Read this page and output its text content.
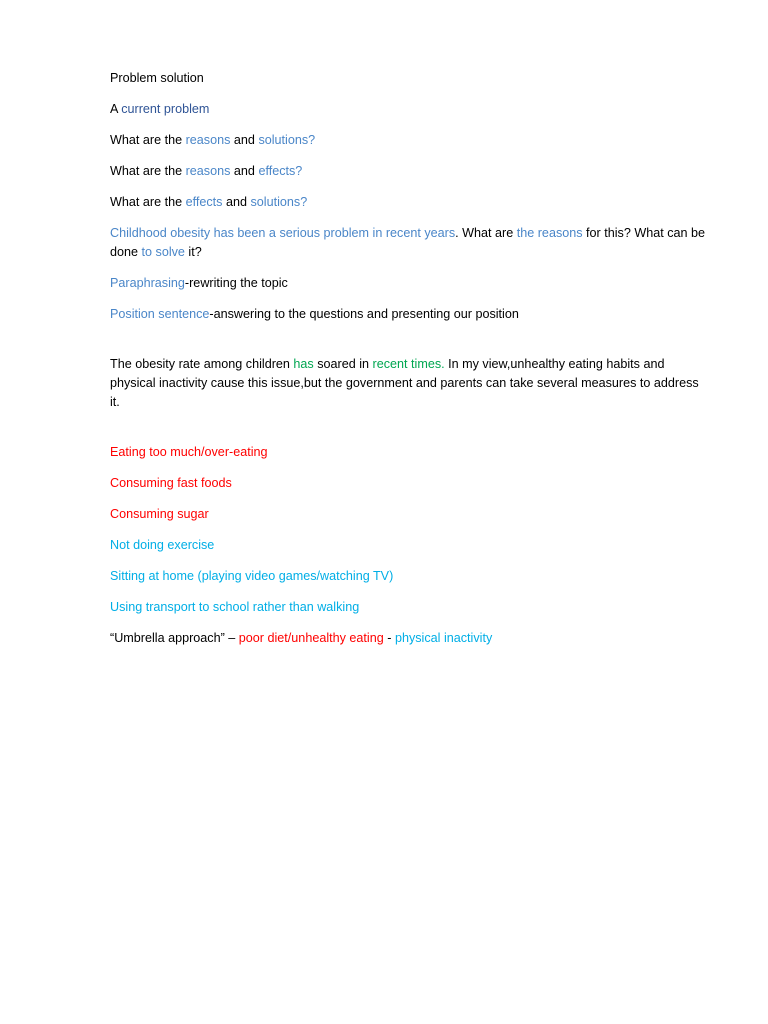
Problem solution

A current problem

What are the reasons and solutions?

What are the reasons and effects?

What are the effects and solutions?

Childhood obesity has been a serious problem in recent years. What are the reasons for this? What can be done to solve it?

Paraphrasing-rewriting the topic

Position sentence-answering to the questions and presenting our position

The obesity rate among children has soared in recent times. In my view,unhealthy eating habits and physical inactivity cause this issue,but the government and parents can take several measures to address it.

Eating too much/over-eating

Consuming fast foods

Consuming sugar

Not doing exercise

Sitting at home (playing video games/watching TV)

Using transport to school rather than walking

“Umbrella approach” – poor diet/unhealthy eating - physical inactivity
